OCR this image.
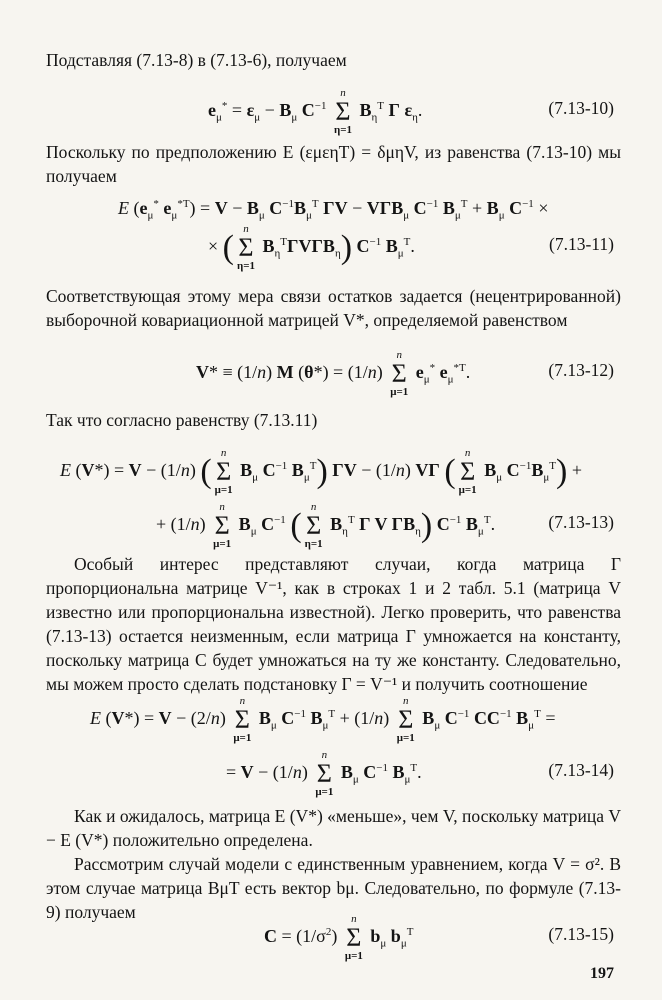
Подставляя (7.13-8) в (7.13-6), получаем

$e_\mu^* = \varepsilon_\mu - B_\mu$ $C^{-1}$
n
Σ
η=1
$B_\eta^T$ Γ $\varepsilon_\eta$.	(7.13-10)

Поскольку по предположению E (εμεηT) = δμηV, из равенства (7.13-10) мы получаем

E ($e_\mu^*$ $e_\mu^{*T}) = V - B_\mu$ $C^{-1}B_\mu^T$ $\Gamma V - V\Gamma B_\mu$ $C^{-1}$ $B_\mu^T + B_\mu$ $C^{-1}$ ×
× ( n
Σ
η=1
$B_\eta^T\Gamma V\Gamma B_\eta$) $C^{-1}$ $B_\mu^T$.	(7.13-11)

Соответствующая этому мера связи остатков задается (нецентрированной) выборочной ковариационной матрицей V*, определяемой равенством

V* ≡ (1/n) M (θ*) = (1/n)
n
Σ
μ=1
$e_\mu^*$ $e_\mu^{*T}$.	(7.13-12)

Так что согласно равенству (7.13.11)

E (V*) = V − (1/n) ( n
Σ
μ=1
$B_\mu$ $C^{-1}$ $B_\mu^T$) ΓV − (1/n) VΓ ( n
Σ
μ=1
$B_\mu$ $C^{-1}B_\mu^T$) +
+ (1/n)
n
Σ
μ=1
$B_\mu$ $C^{-1}$ ( n
Σ
η=1
$B_\eta^T$ Γ V $\Gamma B_\eta$) $C^{-1}$ $B_\mu^T$.	(7.13-13)

Особый интерес представляют случаи, когда матрица Γ пропорциональна матрице V⁻¹, как в строках 1 и 2 табл. 5.1 (матрица V известно или пропорциональна известной). Легко проверить, что равенства (7.13-13) остается неизменным, если матрица Γ умножается на константу, поскольку матрица C будет умножаться на ту же константу. Следовательно, мы можем просто сделать подстановку Γ = V⁻¹ и получить соотношение

E (V*) = V − (2/n)
n
Σ
μ=1
$B_\mu$ $C^{-1}$ $B_\mu^T + (1/n)$
n
Σ
μ=1
$B_\mu$ $C^{-1}$ $CC^{-1}$ $B_\mu^T$ =
= V − (1/n)
n
Σ
μ=1
$B_\mu$ $C^{-1}$ $B_\mu^T$.	(7.13-14)

Как и ожидалось, матрица E (V*) «меньше», чем V, поскольку матрица V − E (V*) положительно определена.

Рассмотрим случай модели с единственным уравнением, когда V = σ². В этом случае матрица BμT есть вектор bμ. Следовательно, по формуле (7.13-9) получаем

$C = (1/\sigma^2)$
n
Σ
μ=1
$b_\mu$ $b_\mu^T$	(7.13-15)
197
